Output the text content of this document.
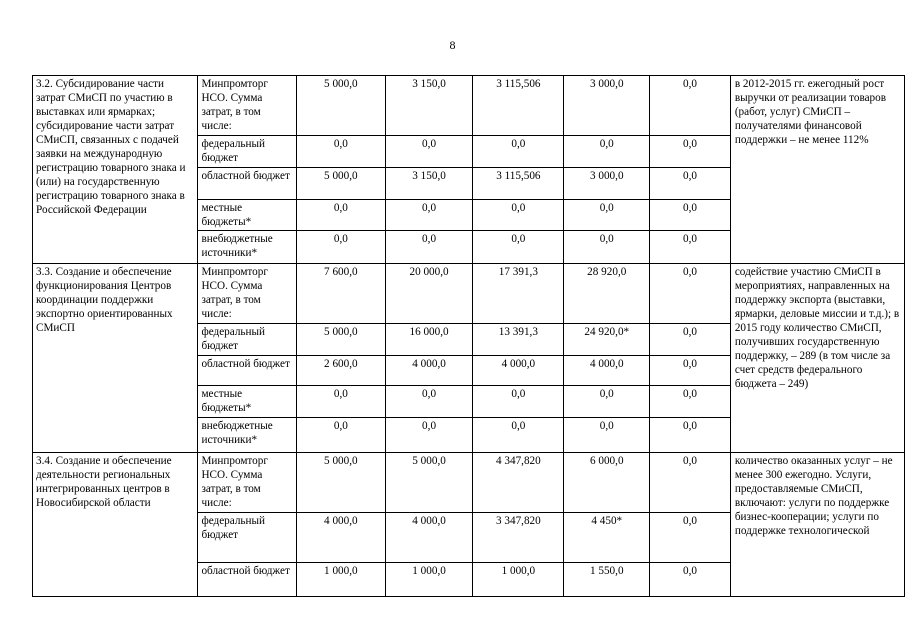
8
3.2. Субсидирование части затрат СМиСП по участию в выставках или ярмарках; субсидирование части затрат СМиСП, связанных с подачей заявки на международную регистрацию товарного знака и (или) на государственную регистрацию товарного знака в Российской Федерации	Минпромторг НСО. Сумма затрат, в том числе:	5 000,0	3 150,0	3 115,506	3 000,0	0,0	в 2012-2015 гг. ежегодный рост выручки от реализации товаров (работ, услуг) СМиСП – получателями финансовой поддержки – не менее 112%
	федеральный бюджет	0,0	0,0	0,0	0,0	0,0	
	областной бюджет	5 000,0	3 150,0	3 115,506	3 000,0	0,0	
	местные бюджеты*	0,0	0,0	0,0	0,0	0,0	
	внебюджетные источники*	0,0	0,0	0,0	0,0	0,0	
3.3. Создание и обеспечение функционирования Центров координации поддержки экспортно ориентированных СМиСП	Минпромторг НСО. Сумма затрат, в том числе:	7 600,0	20 000,0	17 391,3	28 920,0	0,0	содействие участию СМиСП в мероприятиях, направленных на поддержку экспорта (выставки, ярмарки, деловые миссии и т.д.); в 2015 году количество СМиСП, получивших государственную поддержку, – 289 (в том числе за счет средств федерального бюджета – 249)
	федеральный бюджет	5 000,0	16 000,0	13 391,3	24 920,0*	0,0	
	областной бюджет	2 600,0	4 000,0	4 000,0	4 000,0	0,0	
	местные бюджеты*	0,0	0,0	0,0	0,0	0,0	
	внебюджетные источники*	0,0	0,0	0,0	0,0	0,0	
3.4. Создание и обеспечение деятельности региональных интегрированных центров в Новосибирской области	Минпромторг НСО. Сумма затрат, в том числе:	5 000,0	5 000,0	4 347,820	6 000,0	0,0	количество оказанных услуг – не менее 300 ежегодно. Услуги, предоставляемые СМиСП, включают: услуги по поддержке бизнес-кооперации; услуги по поддержке технологической
	федеральный бюджет	4 000,0	4 000,0	3 347,820	4 450*	0,0	
	областной бюджет	1 000,0	1 000,0	1 000,0	1 550,0	0,0	
